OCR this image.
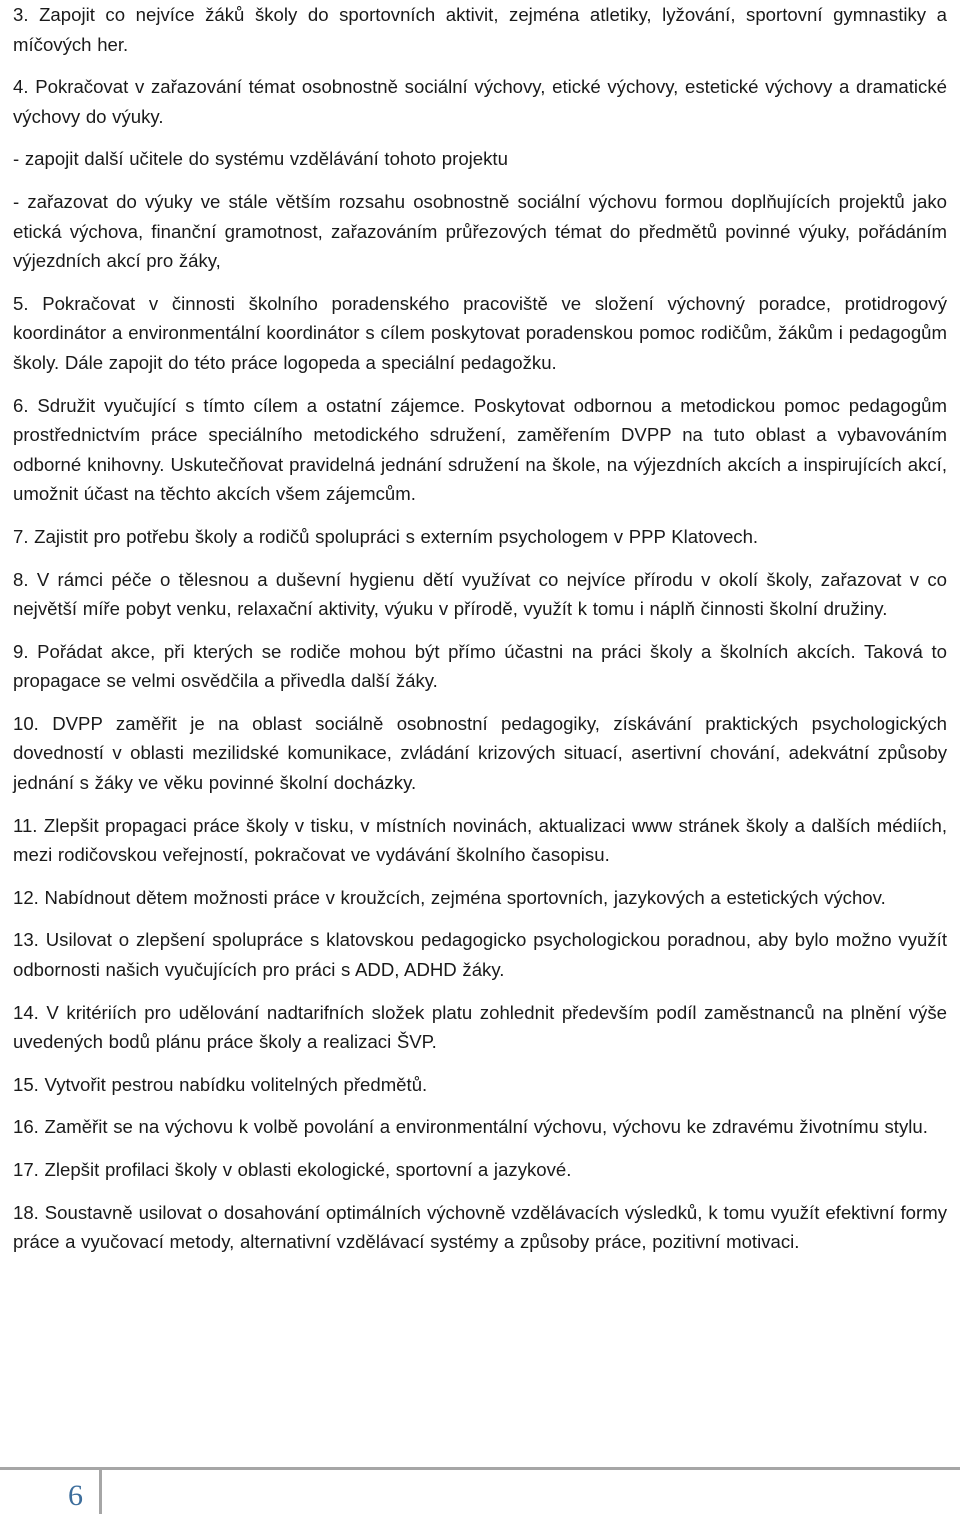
3. Zapojit co nejvíce žáků školy do sportovních aktivit, zejména atletiky, lyžování, sportovní gymnastiky a míčových her.

4. Pokračovat v zařazování témat osobnostně sociální výchovy, etické výchovy, estetické výchovy a dramatické výchovy do výuky.

- zapojit další učitele do systému vzdělávání tohoto projektu

- zařazovat do výuky ve stále větším rozsahu osobnostně sociální výchovu formou doplňujících projektů jako etická výchova, finanční gramotnost, zařazováním průřezových témat do předmětů povinné výuky, pořádáním výjezdních akcí pro žáky,

5. Pokračovat v činnosti školního poradenského pracoviště ve složení výchovný poradce, protidrogový koordinátor a environmentální koordinátor s cílem poskytovat poradenskou pomoc rodičům, žákům i pedagogům školy. Dále zapojit do této práce logopeda a speciální pedagožku.

6. Sdružit vyučující s tímto cílem a ostatní zájemce. Poskytovat odbornou a metodickou pomoc pedagogům prostřednictvím práce speciálního metodického sdružení, zaměřením DVPP na tuto oblast a vybavováním odborné knihovny. Uskutečňovat pravidelná jednání sdružení na škole, na výjezdních akcích a inspirujících akcí, umožnit účast na těchto akcích všem zájemcům.

7. Zajistit pro potřebu školy a rodičů spolupráci s externím psychologem v PPP Klatovech.

8. V rámci péče o tělesnou a duševní hygienu dětí využívat co nejvíce přírodu v okolí školy, zařazovat v co největší míře pobyt venku, relaxační aktivity, výuku v přírodě, využít k tomu i náplň činnosti školní družiny.

9. Pořádat akce, při kterých se rodiče mohou být přímo účastni na práci školy a školních akcích. Taková to propagace se velmi osvědčila a přivedla další žáky.

10. DVPP zaměřit je na oblast sociálně osobnostní pedagogiky, získávání praktických psychologických dovedností v oblasti mezilidské komunikace, zvládání krizových situací, asertivní chování, adekvátní způsoby jednání s žáky ve věku povinné školní docházky.

11. Zlepšit propagaci práce školy v tisku, v místních novinách, aktualizaci www stránek školy a dalších médiích, mezi rodičovskou veřejností, pokračovat ve vydávání školního časopisu.

12. Nabídnout dětem možnosti práce v kroužcích, zejména sportovních, jazykových a estetických výchov.

13. Usilovat o zlepšení spolupráce s klatovskou pedagogicko psychologickou poradnou, aby bylo možno využít odbornosti našich vyučujících pro práci s ADD, ADHD žáky.

14. V kritériích pro udělování nadtarifních složek platu zohlednit především podíl zaměstnanců na plnění výše uvedených bodů plánu práce školy a realizaci ŠVP.

15. Vytvořit pestrou nabídku volitelných předmětů.

16. Zaměřit se na výchovu k volbě povolání a environmentální výchovu, výchovu ke zdravému životnímu stylu.

17. Zlepšit profilaci školy v oblasti ekologické, sportovní a jazykové.

18. Soustavně usilovat o dosahování optimálních výchovně vzdělávacích výsledků, k tomu využít efektivní formy práce a vyučovací metody, alternativní vzdělávací systémy a způsoby práce, pozitivní motivaci.

6
